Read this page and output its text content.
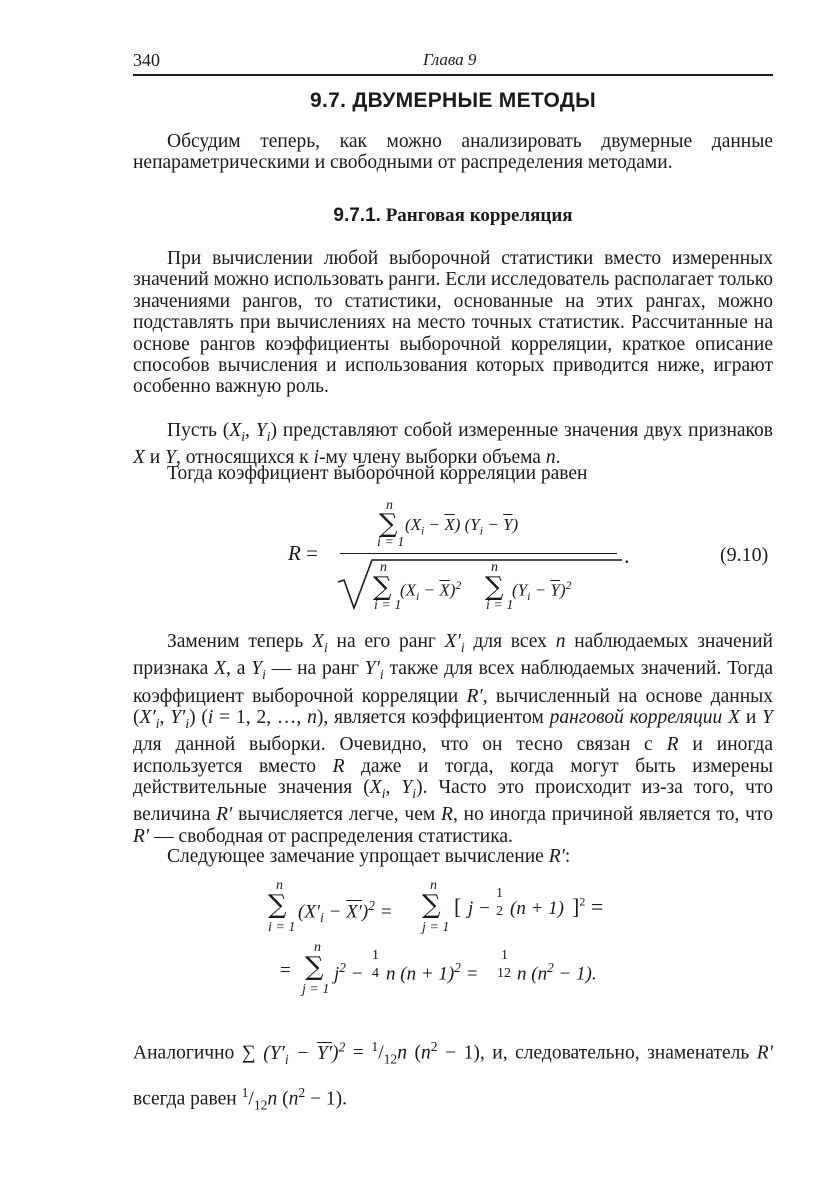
340	Глава 9
9.7. ДВУМЕРНЫЕ МЕТОДЫ

Обсудим теперь, как можно анализировать двумерные данные непараметрическими и свободными от распределения методами.

9.7.1. Ранговая корреляция

При вычислении любой выборочной статистики вместо измеренных значений можно использовать ранги. Если исследователь располагает только значениями рангов, то статистики, основанные на этих рангах, можно подставлять при вычислениях на место точных статистик. Рассчитанные на основе рангов коэффициенты выборочной корреляции, краткое описание способов вычисления и использования которых приводится ниже, играют особенно важную роль.

Пусть ($X_i$, $Y_i$) представляют собой измеренные значения двух признаков X и Y, относящихся к i-му члену выборки объема n.

Тогда коэффициент выборочной корреляции равен

R =
n
∑ $(X_i - \overline{X}) (Y_i - \overline{Y})$
i = 1
.
n
∑ $(X_i - \overline{X})^2$
i = 1
n
∑ $(Y_i - \overline{Y})^2$
i = 1
(9.10)

Заменим теперь $X_i$ на его ранг $X'_i$ для всех n наблюдаемых значений признака X, а $Y_i$ — на ранг $Y'_i$ также для всех наблюдаемых значений. Тогда коэффициент выборочной корреляции R′, вычисленный на основе данных ($X'_i$, $Y'_i$) (i = 1, 2, …, n), является коэффициентом ранговой корреляции X и Y для данной выборки. Очевидно, что он тесно связан с R и иногда используется вместо R даже и тогда, когда могут быть измерены действительные значения ($X_i$, $Y_i$). Часто это происходит из-за того, что величина R′ вычисляется легче, чем R, но иногда причиной является то, что R′ — свободная от распределения статистика.

Следующее замечание упрощает вычисление R′:

n
∑
i = 1
$(X'_i - X')^2$ =
n
∑
j = 1
[ j −
1
2 (n + 1) ]$^2$ =
n
= ∑
j = 1
$j^2$ −
1
4 n $(n + 1)^2$ =
1
12 n $(n^2 - 1)$.

Аналогично ∑ $(Y'_i - Y')^2 = ^1/_{12}n$ $(n^2 - 1)$, и, следовательно, знаменатель R′ всегда равен $^1/_{12}n$ $(n^2 - 1)$.
